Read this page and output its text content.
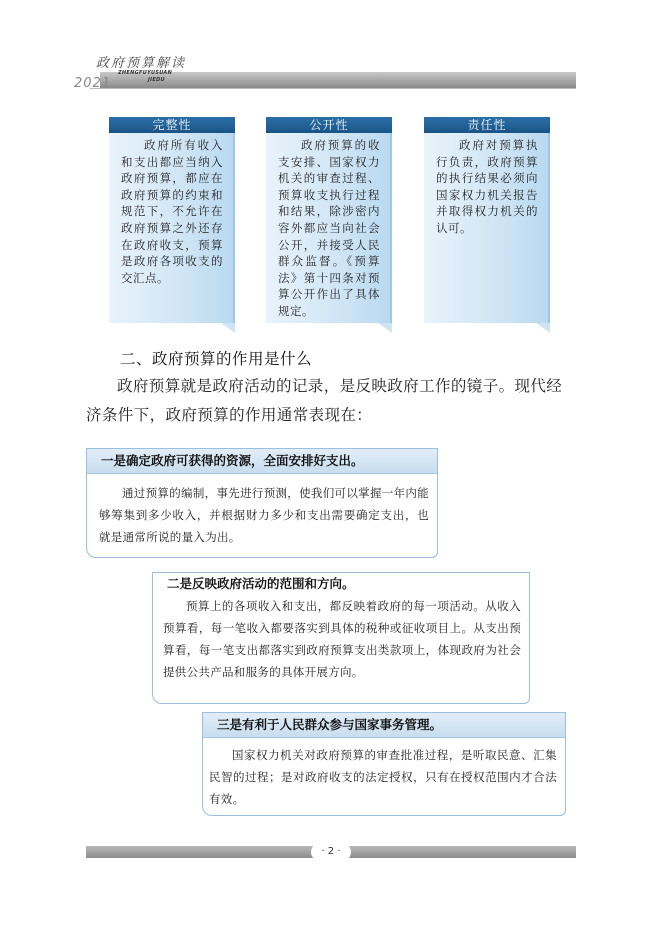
政府预算解读
2021
ZHENGFUYUSUAN
JIEDU
完整性
政府所有收入和支出都应当纳入政府预算，都应在政府预算的约束和规范下，不允许在政府预算之外还存在政府收支，预算是政府各项收支的交汇点。
公开性
政府预算的收支安排、国家权力机关的审查过程、预算收支执行过程和结果，除涉密内容外都应当向社会公开，并接受人民群众监督。《预算法》第十四条对预算公开作出了具体规定。
责任性
政府对预算执行负责，政府预算的执行结果必须向国家权力机关报告并取得权力机关的认可。
二、政府预算的作用是什么
政府预算就是政府活动的记录，是反映政府工作的镜子。现代经济条件下，政府预算的作用通常表现在：
一是确定政府可获得的资源，全面安排好支出。
通过预算的编制，事先进行预测，使我们可以掌握一年内能够筹集到多少收入，并根据财力多少和支出需要确定支出，也就是通常所说的量入为出。
二是反映政府活动的范围和方向。
预算上的各项收入和支出，都反映着政府的每一项活动。从收入预算看，每一笔收入都要落实到具体的税种或征收项目上。从支出预算看，每一笔支出都落实到政府预算支出类款项上，体现政府为社会提供公共产品和服务的具体开展方向。
三是有利于人民群众参与国家事务管理。
国家权力机关对政府预算的审查批准过程，是听取民意、汇集民智的过程；是对政府收支的法定授权，只有在授权范围内才合法有效。
· 2 ·
